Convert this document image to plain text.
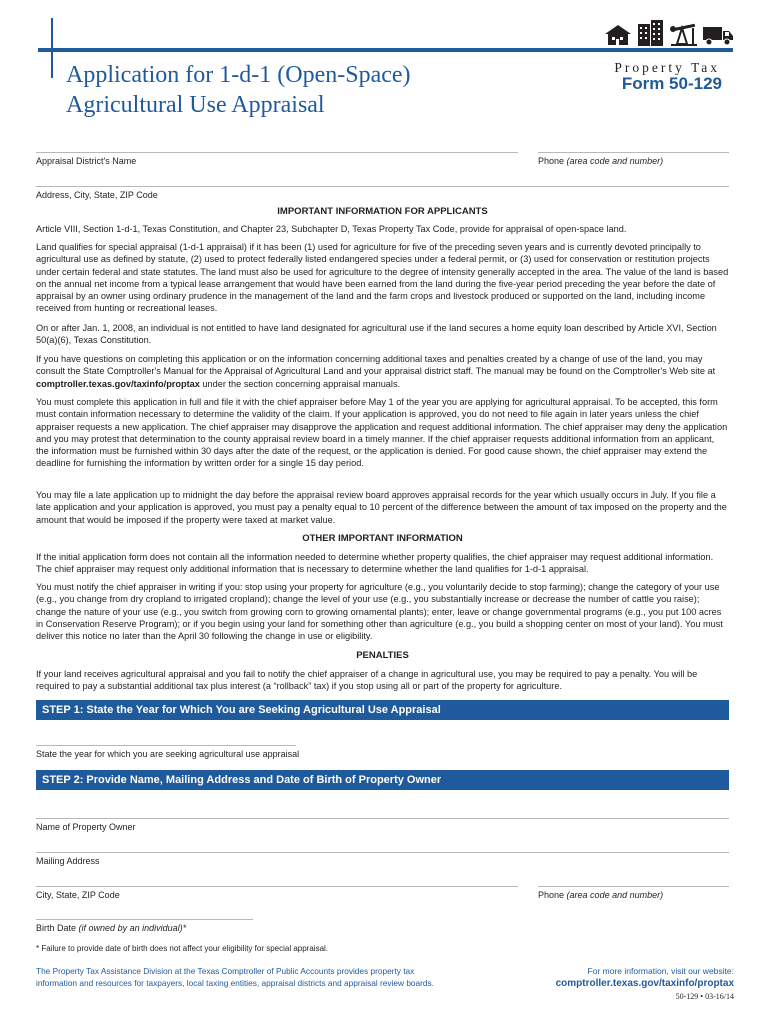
Application for 1-d-1 (Open-Space)
Agricultural Use Appraisal
Property Tax
Form 50-129
Appraisal District's Name	Phone (area code and number)
Address, City, State, ZIP Code
IMPORTANT INFORMATION FOR APPLICANTS

Article VIII, Section 1-d-1, Texas Constitution, and Chapter 23, Subchapter D, Texas Property Tax Code, provide for appraisal of open-space land.

Land qualifies for special appraisal (1-d-1 appraisal) if it has been (1) used for agriculture for five of the preceding seven years and is currently devoted principally to agricultural use as defined by statute, (2) used to protect federally listed endangered species under a federal permit, or (3) used for conservation or restitution projects under certain federal and state statutes. The land must also be used for agriculture to the degree of intensity generally accepted in the area. The value of the land is based on the annual net income from a typical lease arrangement that would have been earned from the land during the five-year period preceding the year before the date of appraisal by an owner using ordinary prudence in the management of the land and the farm crops and livestock produced or supported on the land, including income received from hunting or recreational leases.

On or after Jan. 1, 2008, an individual is not entitled to have land designated for agricultural use if the land secures a home equity loan described by Article XVI, Section 50(a)(6), Texas Constitution.

If you have questions on completing this application or on the information concerning additional taxes and penalties created by a change of use of the land, you may consult the State Comptroller's Manual for the Appraisal of Agricultural Land and your appraisal district staff. The manual may be found on the Comptroller's Web site at comptroller.texas.gov/taxinfo/proptax under the section concerning appraisal manuals.

You must complete this application in full and file it with the chief appraiser before May 1 of the year you are applying for agricultural appraisal. To be accepted, this form must contain information necessary to determine the validity of the claim. If your application is approved, you do not need to file again in later years unless the chief appraiser requests a new application. The chief appraiser may disapprove the application and request additional information. The chief appraiser may deny the application and you may protest that determination to the county appraisal review board in a timely manner. If the chief appraiser requests additional information from an applicant, the information must be furnished within 30 days after the date of the request, or the application is denied. For good cause shown, the chief appraiser may extend the deadline for furnishing the information by written order for a single 15 day period.

You may file a late application up to midnight the day before the appraisal review board approves appraisal records for the year which usually occurs in July. If you file a late application and your application is approved, you must pay a penalty equal to 10 percent of the difference between the amount of tax imposed on the property and the amount that would be imposed if the property were taxed at market value.

OTHER IMPORTANT INFORMATION

If the initial application form does not contain all the information needed to determine whether property qualifies, the chief appraiser may request additional information. The chief appraiser may request only additional information that is necessary to determine whether the land qualifies for 1-d-1 appraisal.

You must notify the chief appraiser in writing if you: stop using your property for agriculture (e.g., you voluntarily decide to stop farming); change the category of your use (e.g., you change from dry cropland to irrigated cropland); change the level of your use (e.g., you substantially increase or decrease the number of cattle you raise); change the nature of your use (e.g., you switch from growing corn to growing ornamental plants); enter, leave or change governmental programs (e.g., you put 100 acres in Conservation Reserve Program); or if you begin using your land for something other than agriculture (e.g., you build a shopping center on most of your land). You must deliver this notice no later than the April 30 following the change in use or eligibility.

PENALTIES

If your land receives agricultural appraisal and you fail to notify the chief appraiser of a change in agricultural use, you may be required to pay a penalty. You will be required to pay a substantial additional tax plus interest (a “rollback” tax) if you stop using all or part of the property for agriculture.

STEP 1: State the Year for Which You are Seeking Agricultural Use Appraisal
State the year for which you are seeking agricultural use appraisal
STEP 2: Provide Name, Mailing Address and Date of Birth of Property Owner
Name of Property Owner
Mailing Address
City, State, ZIP Code	Phone (area code and number)
Birth Date (if owned by an individual)*
* Failure to provide date of birth does not affect your eligibility for special appraisal.
The Property Tax Assistance Division at the Texas Comptroller of Public Accounts provides property tax
information and resources for taxpayers, local taxing entities, appraisal districts and appraisal review boards.
For more information, visit our website:
comptroller.texas.gov/taxinfo/proptax
50-129 • 03-16/14
